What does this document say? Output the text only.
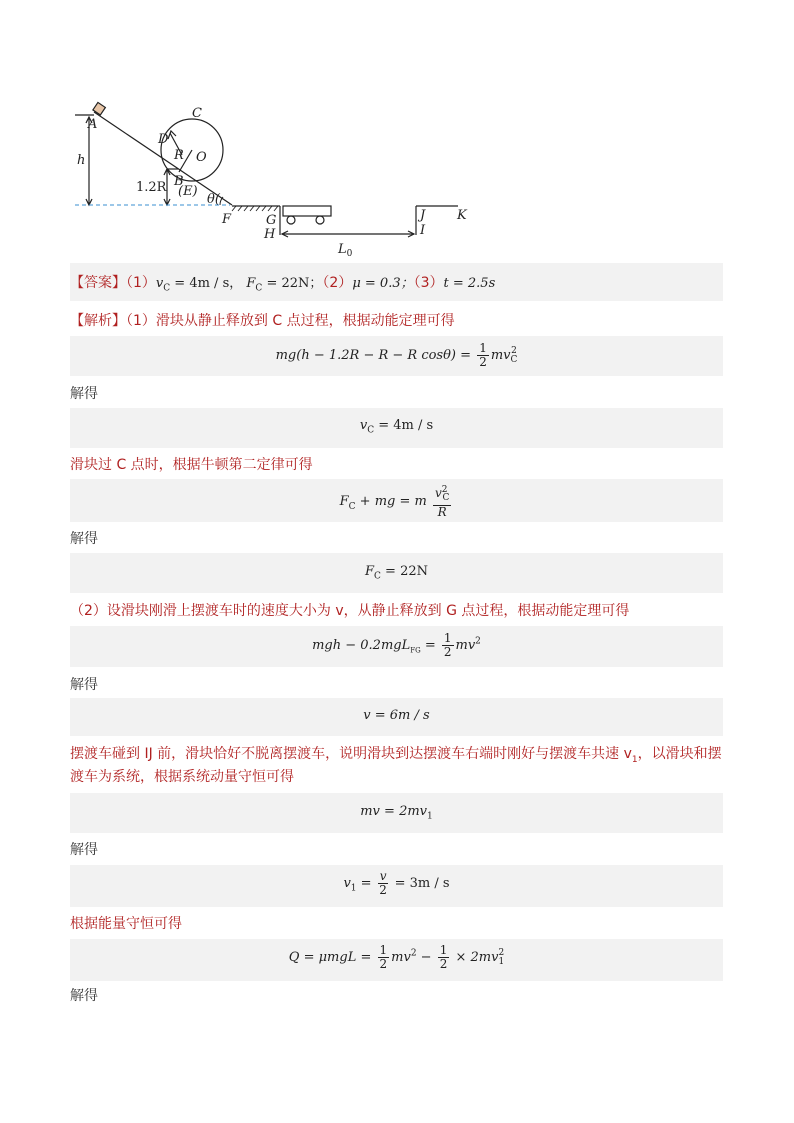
A
C
D
R O
B
(E)
θ(
F	G
H
J
I
K
h
1.2R
$L_0$
【答案】$(1)v_C = 4m / s$， $F_C = 22N$；（2）μ = 0.3；（3）t = 2.5s
【解析】（1）滑块从静止释放到 C 点过程，根据动能定理可得
mg(h − 1.2R − R − R $\cos\theta) = \frac{1}{2}$ mv 2
C
解得
$v_C = 4m / s$
滑块过 C 点时，根据牛顿第二定律可得
$F_C$ + mg = m $\frac{v^2_C}{R}$
解得
$F_C = 22N$
（2）设滑块刚滑上摆渡车时的速度大小为 v，从静止释放到 G 点过程，根据动能定理可得
mgh − $0.2mgL_{FG} = \frac{1}{2} mv^2$
解得
v = 6m / s
摆渡车碰到 IJ 前，滑块恰好不脱离摆渡车，说明滑块到达摆渡车右端时刚好与摆渡车共速 $v_1$，以滑块和摆
渡车为系统，根据系统动量守恒可得
mv = $2mv_1$
解得
$v_1 = \frac{v}{2} = 3m / s$
根据能量守恒可得
$Q = \mu mgL = \frac{1}{2} mv^2 - \frac{1}{2} \times 2mv$ 2
1
解得
